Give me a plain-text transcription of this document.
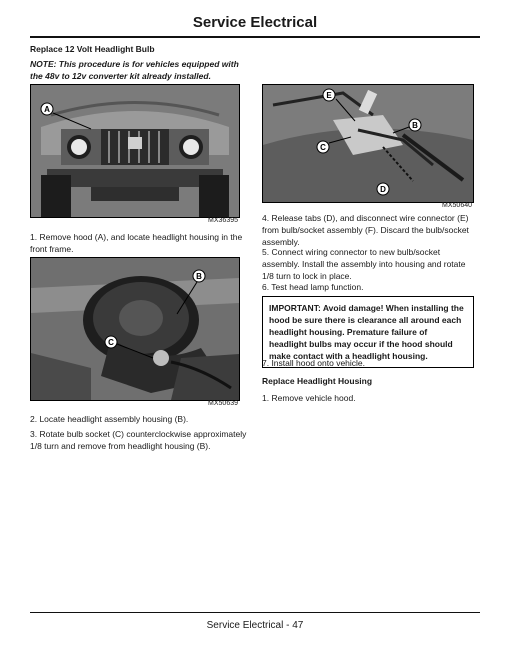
Service Electrical
Replace 12 Volt Headlight Bulb
NOTE: This procedure is for vehicles equipped with the 48v to 12v converter kit already installed.
A
MX36395
1. Remove hood (A), and locate headlight housing in the front frame.
B
C
MX50639
2. Locate headlight assembly housing (B).
3. Rotate bulb socket (C) counterclockwise approximately 1/8 turn and remove from headlight housing (B).
E
B
C
D
MX50640
4. Release tabs (D), and disconnect wire connector (E) from bulb/socket assembly (F). Discard the bulb/socket assembly.
5. Connect wiring connector to new bulb/socket assembly. Install the assembly into housing and rotate 1/8 turn to lock in place.
6. Test head lamp function.
IMPORTANT: Avoid damage! When installing the hood be sure there is clearance all around each headlight housing. Premature failure of headlight bulbs may occur if the hood should make contact with a headlight housing.
7. Install hood onto vehicle.
Replace Headlight Housing
1. Remove vehicle hood.
Service Electrical - 47
